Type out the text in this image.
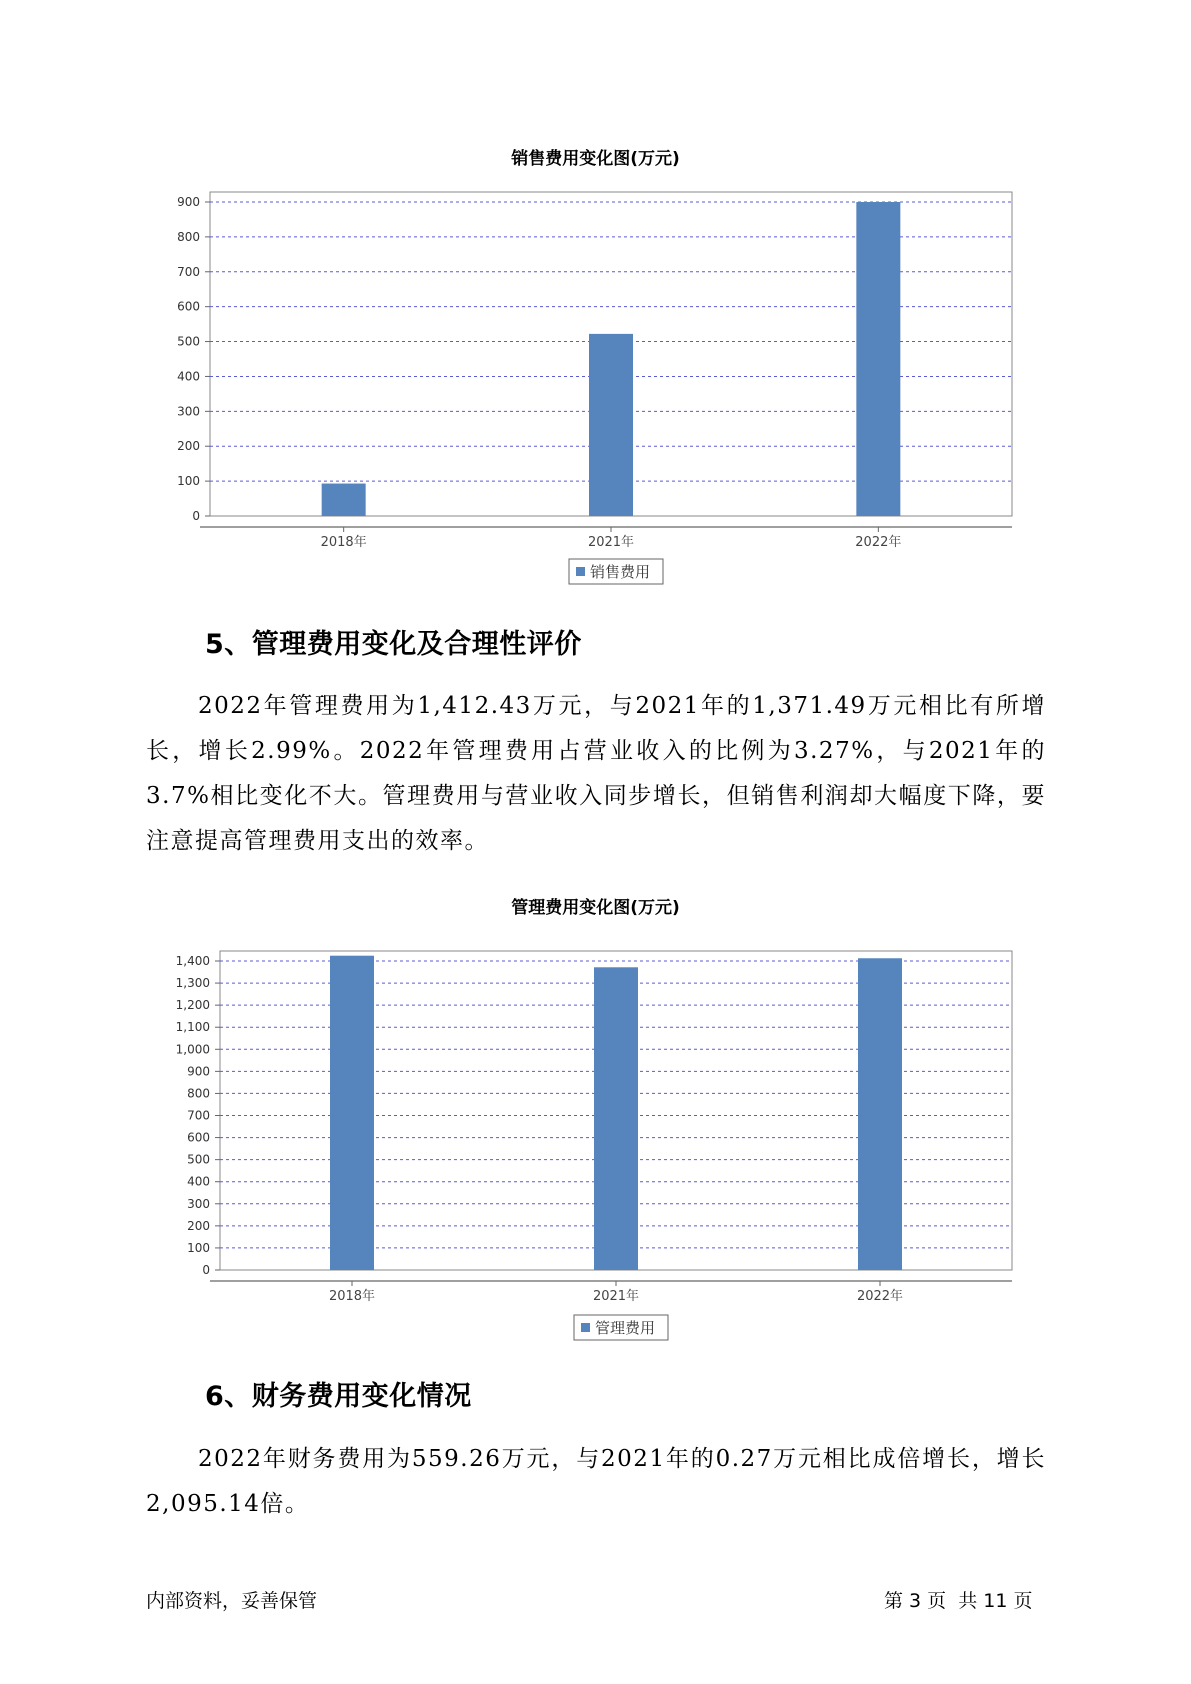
销售费用变化图(万元)
0
100
200
300
400
500
600
700
800
900
2018年	2021年	2022年
销售费用
5、管理费用变化及合理性评价

2022年管理费用为1,412.43万元，与2021年的1,371.49万元相比有所增长，增长2.99%。2022年管理费用占营业收入的比例为3.27%，与2021年的3.7%相比变化不大。管理费用与营业收入同步增长，但销售利润却大幅度下降，要注意提高管理费用支出的效率。

管理费用变化图(万元)
0
100
200
300
400
500
600
700
800
900
1,000
1,100
1,200
1,300
1,400
2018年	2021年	2022年
管理费用
6、财务费用变化情况

2022年财务费用为559.26万元，与2021年的0.27万元相比成倍增长，增长2,095.14倍。

内部资料，妥善保管	第 3 页  共 11 页
